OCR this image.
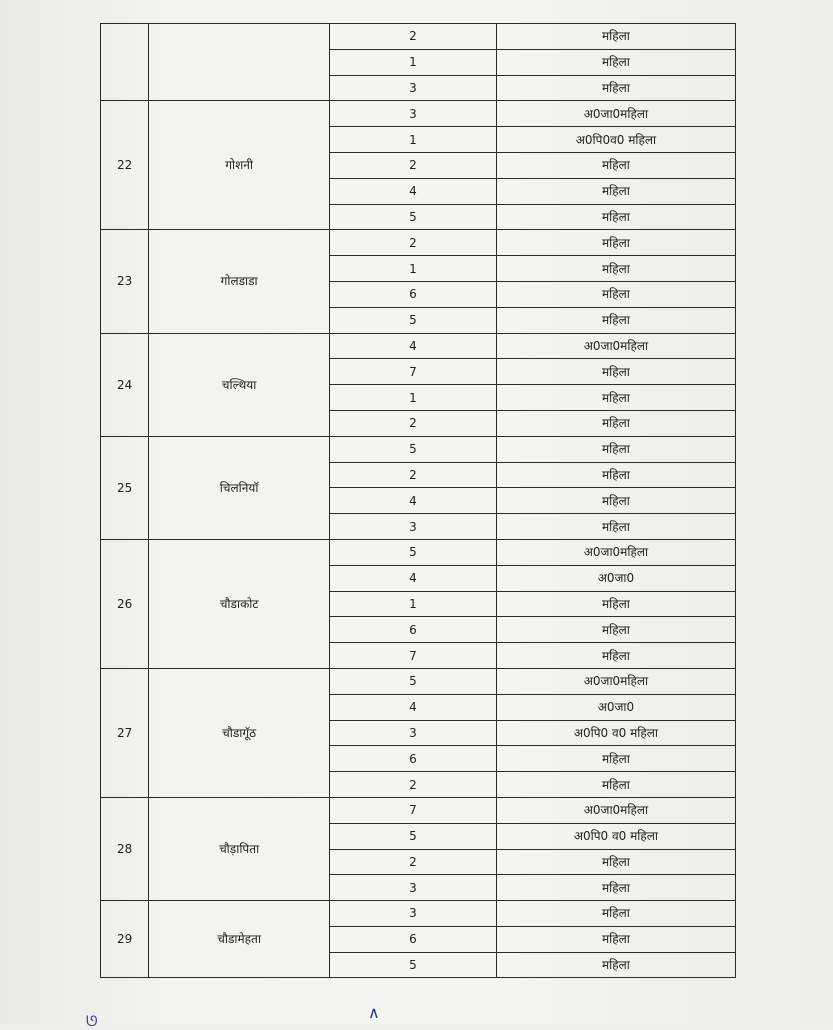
		2	महिला
		1	महिला
		3	महिला
22	गोशनी	3	अ0जा0महिला
		1	अ0पि0व0 महिला
		2	महिला
		4	महिला
		5	महिला
23	गोलडाडा	2	महिला
		1	महिला
		6	महिला
		5	महिला
24	चल्थिया	4	अ0जा0महिला
		7	महिला
		1	महिला
		2	महिला
25	चिलनियॉ	5	महिला
		2	महिला
		4	महिला
		3	महिला
26	चौडाकोट	5	अ0जा0महिला
		4	अ0जा0
		1	महिला
		6	महिला
		7	महिला
27	चौडागूॅठ	5	अ0जा0महिला
		4	अ0जा0
		3	अ0पि0 व0 महिला
		6	महिला
		2	महिला
28	चौड़ापिता	7	अ0जा0महिला
		5	अ0पि0 व0 महिला
		2	महिला
		3	महिला
29	चौडामेहता	3	महिला
		6	महिला
		5	महिला
ᘎ	∧
